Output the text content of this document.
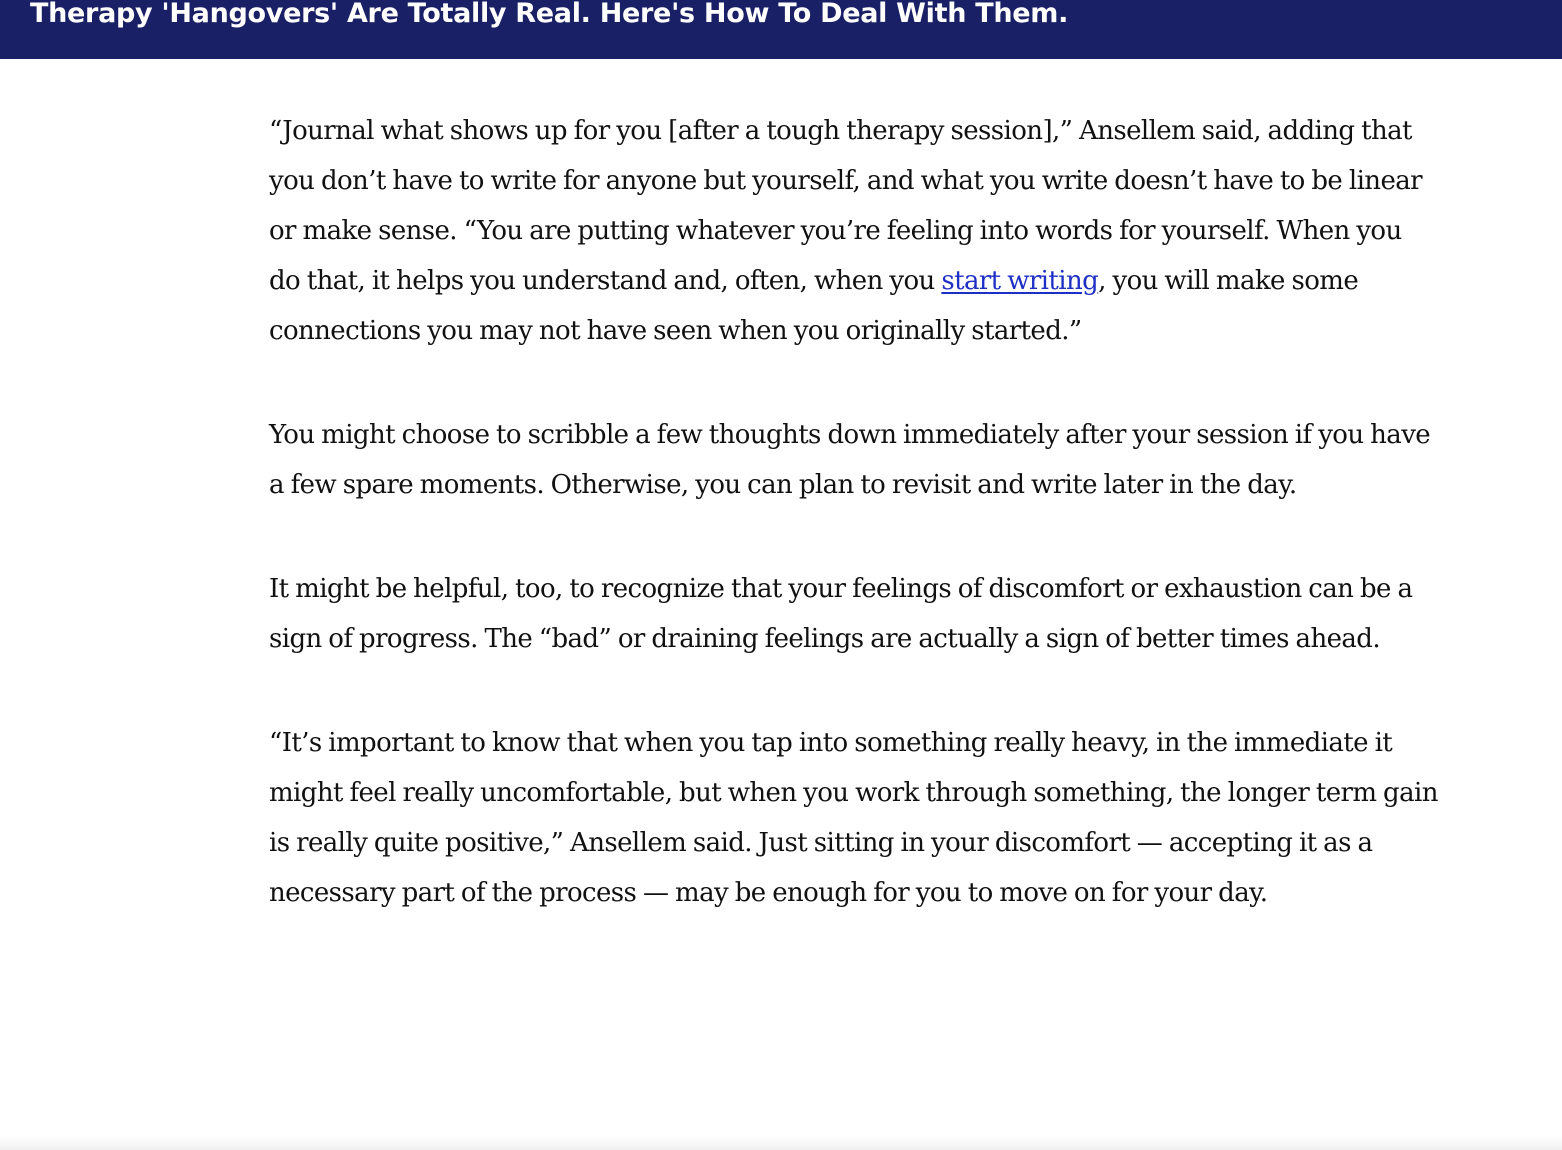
Therapy 'Hangovers' Are Totally Real. Here's How To Deal With Them.

“Journal what shows up for you [after a tough therapy session],” Ansellem said, adding that you don’t have to write for anyone but yourself, and what you write doesn’t have to be linear or make sense. “You are putting whatever you’re feeling into words for yourself. When you do that, it helps you understand and, often, when you start writing, you will make some connections you may not have seen when you originally started.”

You might choose to scribble a few thoughts down immediately after your session if you have a few spare moments. Otherwise, you can plan to revisit and write later in the day.

It might be helpful, too, to recognize that your feelings of discomfort or exhaustion can be a sign of progress. The “bad” or draining feelings are actually a sign of better times ahead.

“It’s important to know that when you tap into something really heavy, in the immediate it might feel really uncomfortable, but when you work through something, the longer term gain is really quite positive,” Ansellem said. Just sitting in your discomfort — accepting it as a necessary part of the process — may be enough for you to move on for your day.
